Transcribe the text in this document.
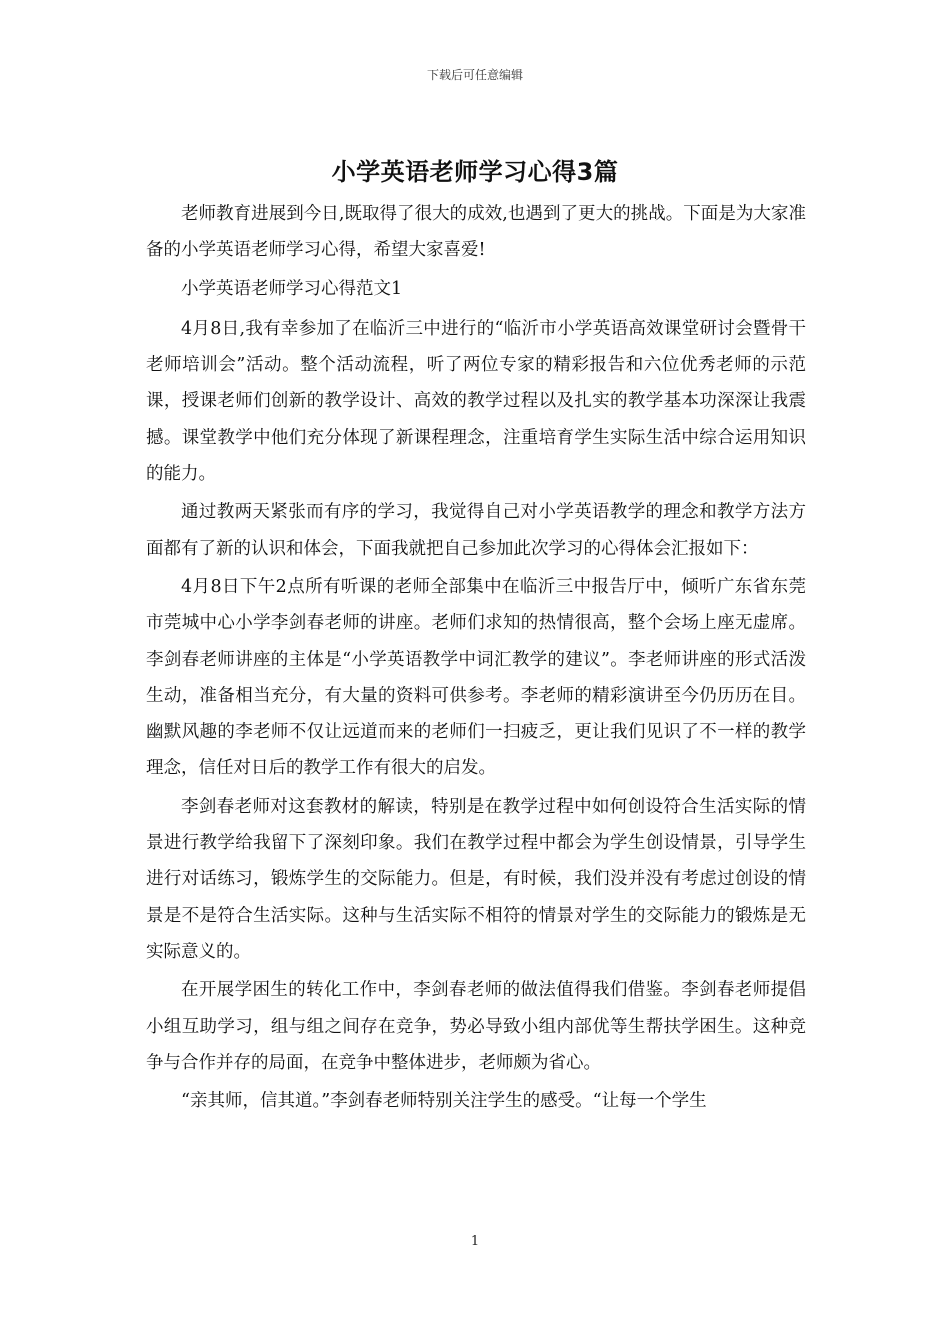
下载后可任意编辑
小学英语老师学习心得3篇

老师教育进展到今日,既取得了很大的成效,也遇到了更大的挑战。下面是为大家准备的小学英语老师学习心得，希望大家喜爱!

小学英语老师学习心得范文1

4月8日,我有幸参加了在临沂三中进行的“临沂市小学英语高效课堂研讨会暨骨干老师培训会”活动。整个活动流程，听了两位专家的精彩报告和六位优秀老师的示范课，授课老师们创新的教学设计、高效的教学过程以及扎实的教学基本功深深让我震撼。课堂教学中他们充分体现了新课程理念，注重培育学生实际生活中综合运用知识的能力。

通过教两天紧张而有序的学习，我觉得自己对小学英语教学的理念和教学方法方面都有了新的认识和体会，下面我就把自己参加此次学习的心得体会汇报如下：

4月8日下午2点所有听课的老师全部集中在临沂三中报告厅中，倾听广东省东莞市莞城中心小学李剑春老师的讲座。老师们求知的热情很高，整个会场上座无虚席。李剑春老师讲座的主体是“小学英语教学中词汇教学的建议”。李老师讲座的形式活泼生动，准备相当充分，有大量的资料可供参考。李老师的精彩演讲至今仍历历在目。幽默风趣的李老师不仅让远道而来的老师们一扫疲乏，更让我们见识了不一样的教学理念，信任对日后的教学工作有很大的启发。

李剑春老师对这套教材的解读，特别是在教学过程中如何创设符合生活实际的情景进行教学给我留下了深刻印象。我们在教学过程中都会为学生创设情景，引导学生进行对话练习，锻炼学生的交际能力。但是，有时候，我们没并没有考虑过创设的情景是不是符合生活实际。这种与生活实际不相符的情景对学生的交际能力的锻炼是无实际意义的。

在开展学困生的转化工作中，李剑春老师的做法值得我们借鉴。李剑春老师提倡小组互助学习，组与组之间存在竞争，势必导致小组内部优等生帮扶学困生。这种竞争与合作并存的局面，在竞争中整体进步，老师颇为省心。

“亲其师，信其道。”李剑春老师特别关注学生的感受。“让每一个学生

1
